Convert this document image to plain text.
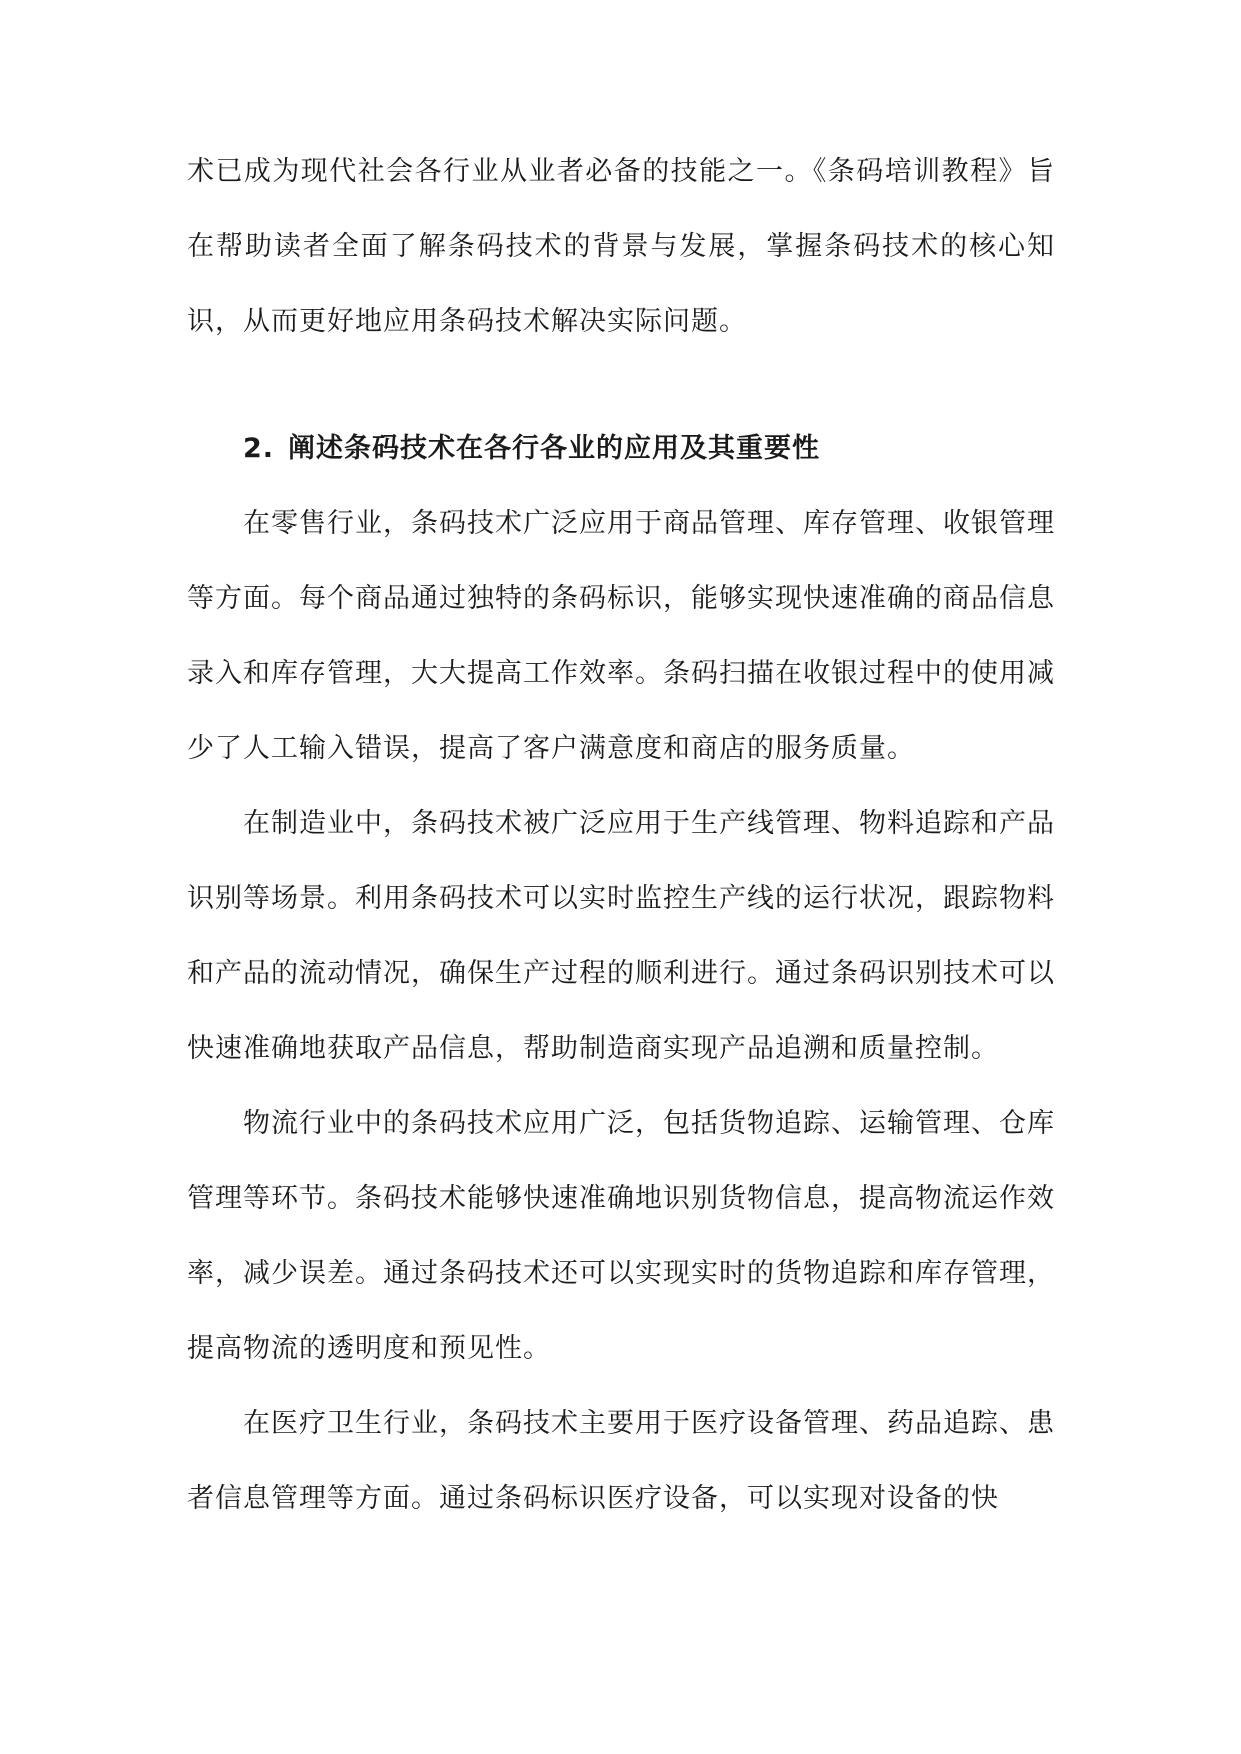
术已成为现代社会各行业从业者必备的技能之一。《条码培训教程》旨在帮助读者全面了解条码技术的背景与发展，掌握条码技术的核心知识，从而更好地应用条码技术解决实际问题。

2. 阐述条码技术在各行各业的应用及其重要性

在零售行业，条码技术广泛应用于商品管理、库存管理、收银管理等方面。每个商品通过独特的条码标识，能够实现快速准确的商品信息录入和库存管理，大大提高工作效率。条码扫描在收银过程中的使用减少了人工输入错误，提高了客户满意度和商店的服务质量。

在制造业中，条码技术被广泛应用于生产线管理、物料追踪和产品识别等场景。利用条码技术可以实时监控生产线的运行状况，跟踪物料和产品的流动情况，确保生产过程的顺利进行。通过条码识别技术可以快速准确地获取产品信息，帮助制造商实现产品追溯和质量控制。

物流行业中的条码技术应用广泛，包括货物追踪、运输管理、仓库管理等环节。条码技术能够快速准确地识别货物信息，提高物流运作效率，减少误差。通过条码技术还可以实现实时的货物追踪和库存管理，提高物流的透明度和预见性。

在医疗卫生行业，条码技术主要用于医疗设备管理、药品追踪、患者信息管理等方面。通过条码标识医疗设备，可以实现对设备的快
